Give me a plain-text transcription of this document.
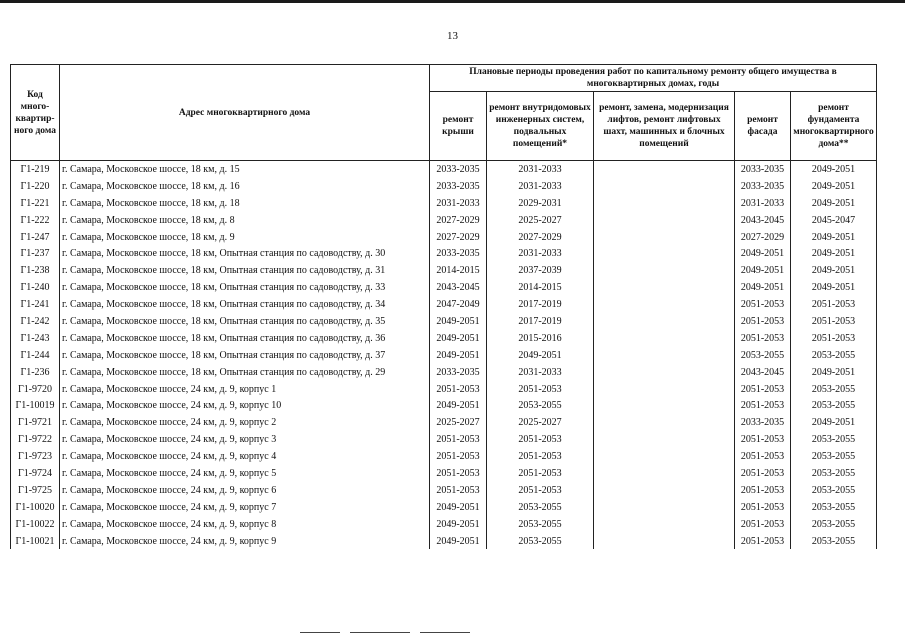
13
Код много-квартир-ного дома	Адрес многоквартирного дома	Плановые периоды проведения работ по капитальному ремонту общего имущества в многоквартирных домах, годы				
		ремонт крыши	ремонт внутридомовых инженерных систем, подвальных помещений*	ремонт, замена, модернизация лифтов, ремонт лифтовых шахт, машинных и блочных помещений	ремонт фасада	ремонт фундамента многоквартирного дома**
Г1-219	г. Самара, Московское шоссе, 18 км, д. 15	2033-2035	2031-2033		2033-2035	2049-2051
Г1-220	г. Самара, Московское шоссе, 18 км, д. 16	2033-2035	2031-2033		2033-2035	2049-2051
Г1-221	г. Самара, Московское шоссе, 18 км, д. 18	2031-2033	2029-2031		2031-2033	2049-2051
Г1-222	г. Самара, Московское шоссе, 18 км, д. 8	2027-2029	2025-2027		2043-2045	2045-2047
Г1-247	г. Самара, Московское шоссе, 18 км, д. 9	2027-2029	2027-2029		2027-2029	2049-2051
Г1-237	г. Самара, Московское шоссе, 18 км, Опытная станция по садоводству, д. 30	2033-2035	2031-2033		2049-2051	2049-2051
Г1-238	г. Самара, Московское шоссе, 18 км, Опытная станция по садоводству, д. 31	2014-2015	2037-2039		2049-2051	2049-2051
Г1-240	г. Самара, Московское шоссе, 18 км, Опытная станция по садоводству, д. 33	2043-2045	2014-2015		2049-2051	2049-2051
Г1-241	г. Самара, Московское шоссе, 18 км, Опытная станция по садоводству, д. 34	2047-2049	2017-2019		2051-2053	2051-2053
Г1-242	г. Самара, Московское шоссе, 18 км, Опытная станция по садоводству, д. 35	2049-2051	2017-2019		2051-2053	2051-2053
Г1-243	г. Самара, Московское шоссе, 18 км, Опытная станция по садоводству, д. 36	2049-2051	2015-2016		2051-2053	2051-2053
Г1-244	г. Самара, Московское шоссе, 18 км, Опытная станция по садоводству, д. 37	2049-2051	2049-2051		2053-2055	2053-2055
Г1-236	г. Самара, Московское шоссе, 18 км, Опытная станция по садоводству, д. 29	2033-2035	2031-2033		2043-2045	2049-2051
Г1-9720	г. Самара, Московское шоссе, 24 км, д. 9, корпус 1	2051-2053	2051-2053		2051-2053	2053-2055
Г1-10019	г. Самара, Московское шоссе, 24 км, д. 9, корпус 10	2049-2051	2053-2055		2051-2053	2053-2055
Г1-9721	г. Самара, Московское шоссе, 24 км, д. 9, корпус 2	2025-2027	2025-2027		2033-2035	2049-2051
Г1-9722	г. Самара, Московское шоссе, 24 км, д. 9, корпус 3	2051-2053	2051-2053		2051-2053	2053-2055
Г1-9723	г. Самара, Московское шоссе, 24 км, д. 9, корпус 4	2051-2053	2051-2053		2051-2053	2053-2055
Г1-9724	г. Самара, Московское шоссе, 24 км, д. 9, корпус 5	2051-2053	2051-2053		2051-2053	2053-2055
Г1-9725	г. Самара, Московское шоссе, 24 км, д. 9, корпус 6	2051-2053	2051-2053		2051-2053	2053-2055
Г1-10020	г. Самара, Московское шоссе, 24 км, д. 9, корпус 7	2049-2051	2053-2055		2051-2053	2053-2055
Г1-10022	г. Самара, Московское шоссе, 24 км, д. 9, корпус 8	2049-2051	2053-2055		2051-2053	2053-2055
Г1-10021	г. Самара, Московское шоссе, 24 км, д. 9, корпус 9	2049-2051	2053-2055		2051-2053	2053-2055
